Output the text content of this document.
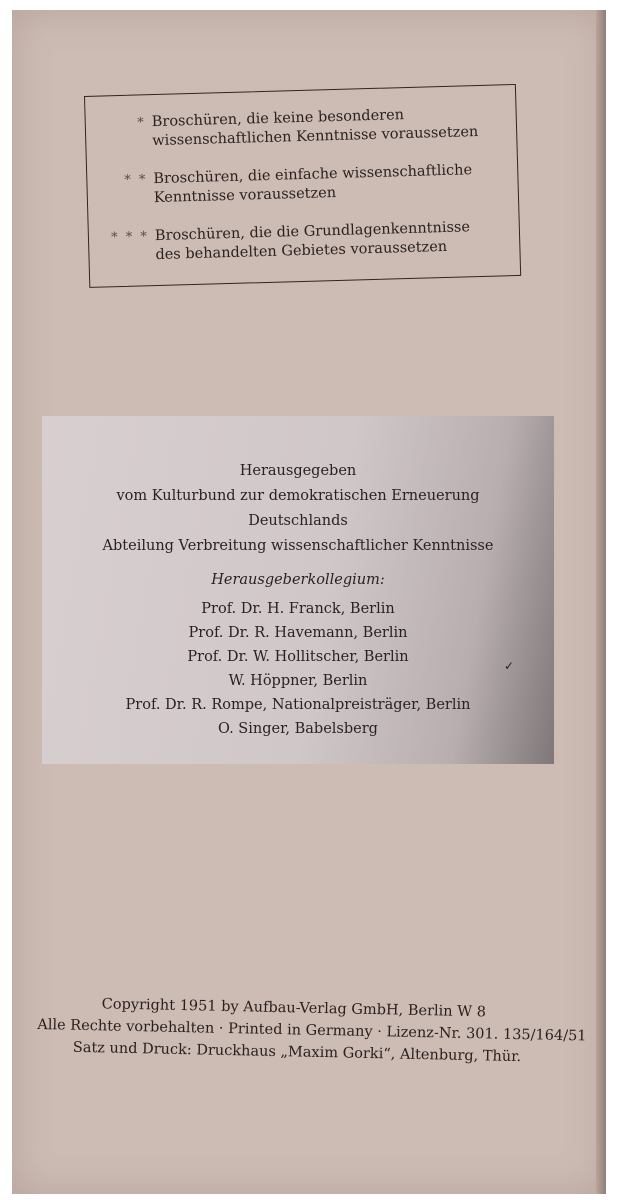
* Broschüren, die keine besonderen wissenschaftlichen Kenntnisse voraussetzen
* * Broschüren, die einfache wissenschaftliche Kenntnisse voraussetzen
* * * Broschüren, die die Grundlagenkenntnisse des behandelten Gebietes voraussetzen
Herausgegeben
vom Kulturbund zur demokratischen Erneuerung
Deutschlands
Abteilung Verbreitung wissenschaftlicher Kenntnisse
Herausgeberkollegium:
Prof. Dr. H. Franck, Berlin
Prof. Dr. R. Havemann, Berlin
Prof. Dr. W. Hollitscher, Berlin
W. Höppner, Berlin
Prof. Dr. R. Rompe, Nationalpreisträger, Berlin
O. Singer, Babelsberg
✓
Copyright 1951 by Aufbau-Verlag GmbH, Berlin W 8
Alle Rechte vorbehalten · Printed in Germany · Lizenz-Nr. 301. 135/164/51
Satz und Druck: Druckhaus „Maxim Gorki“, Altenburg, Thür.
